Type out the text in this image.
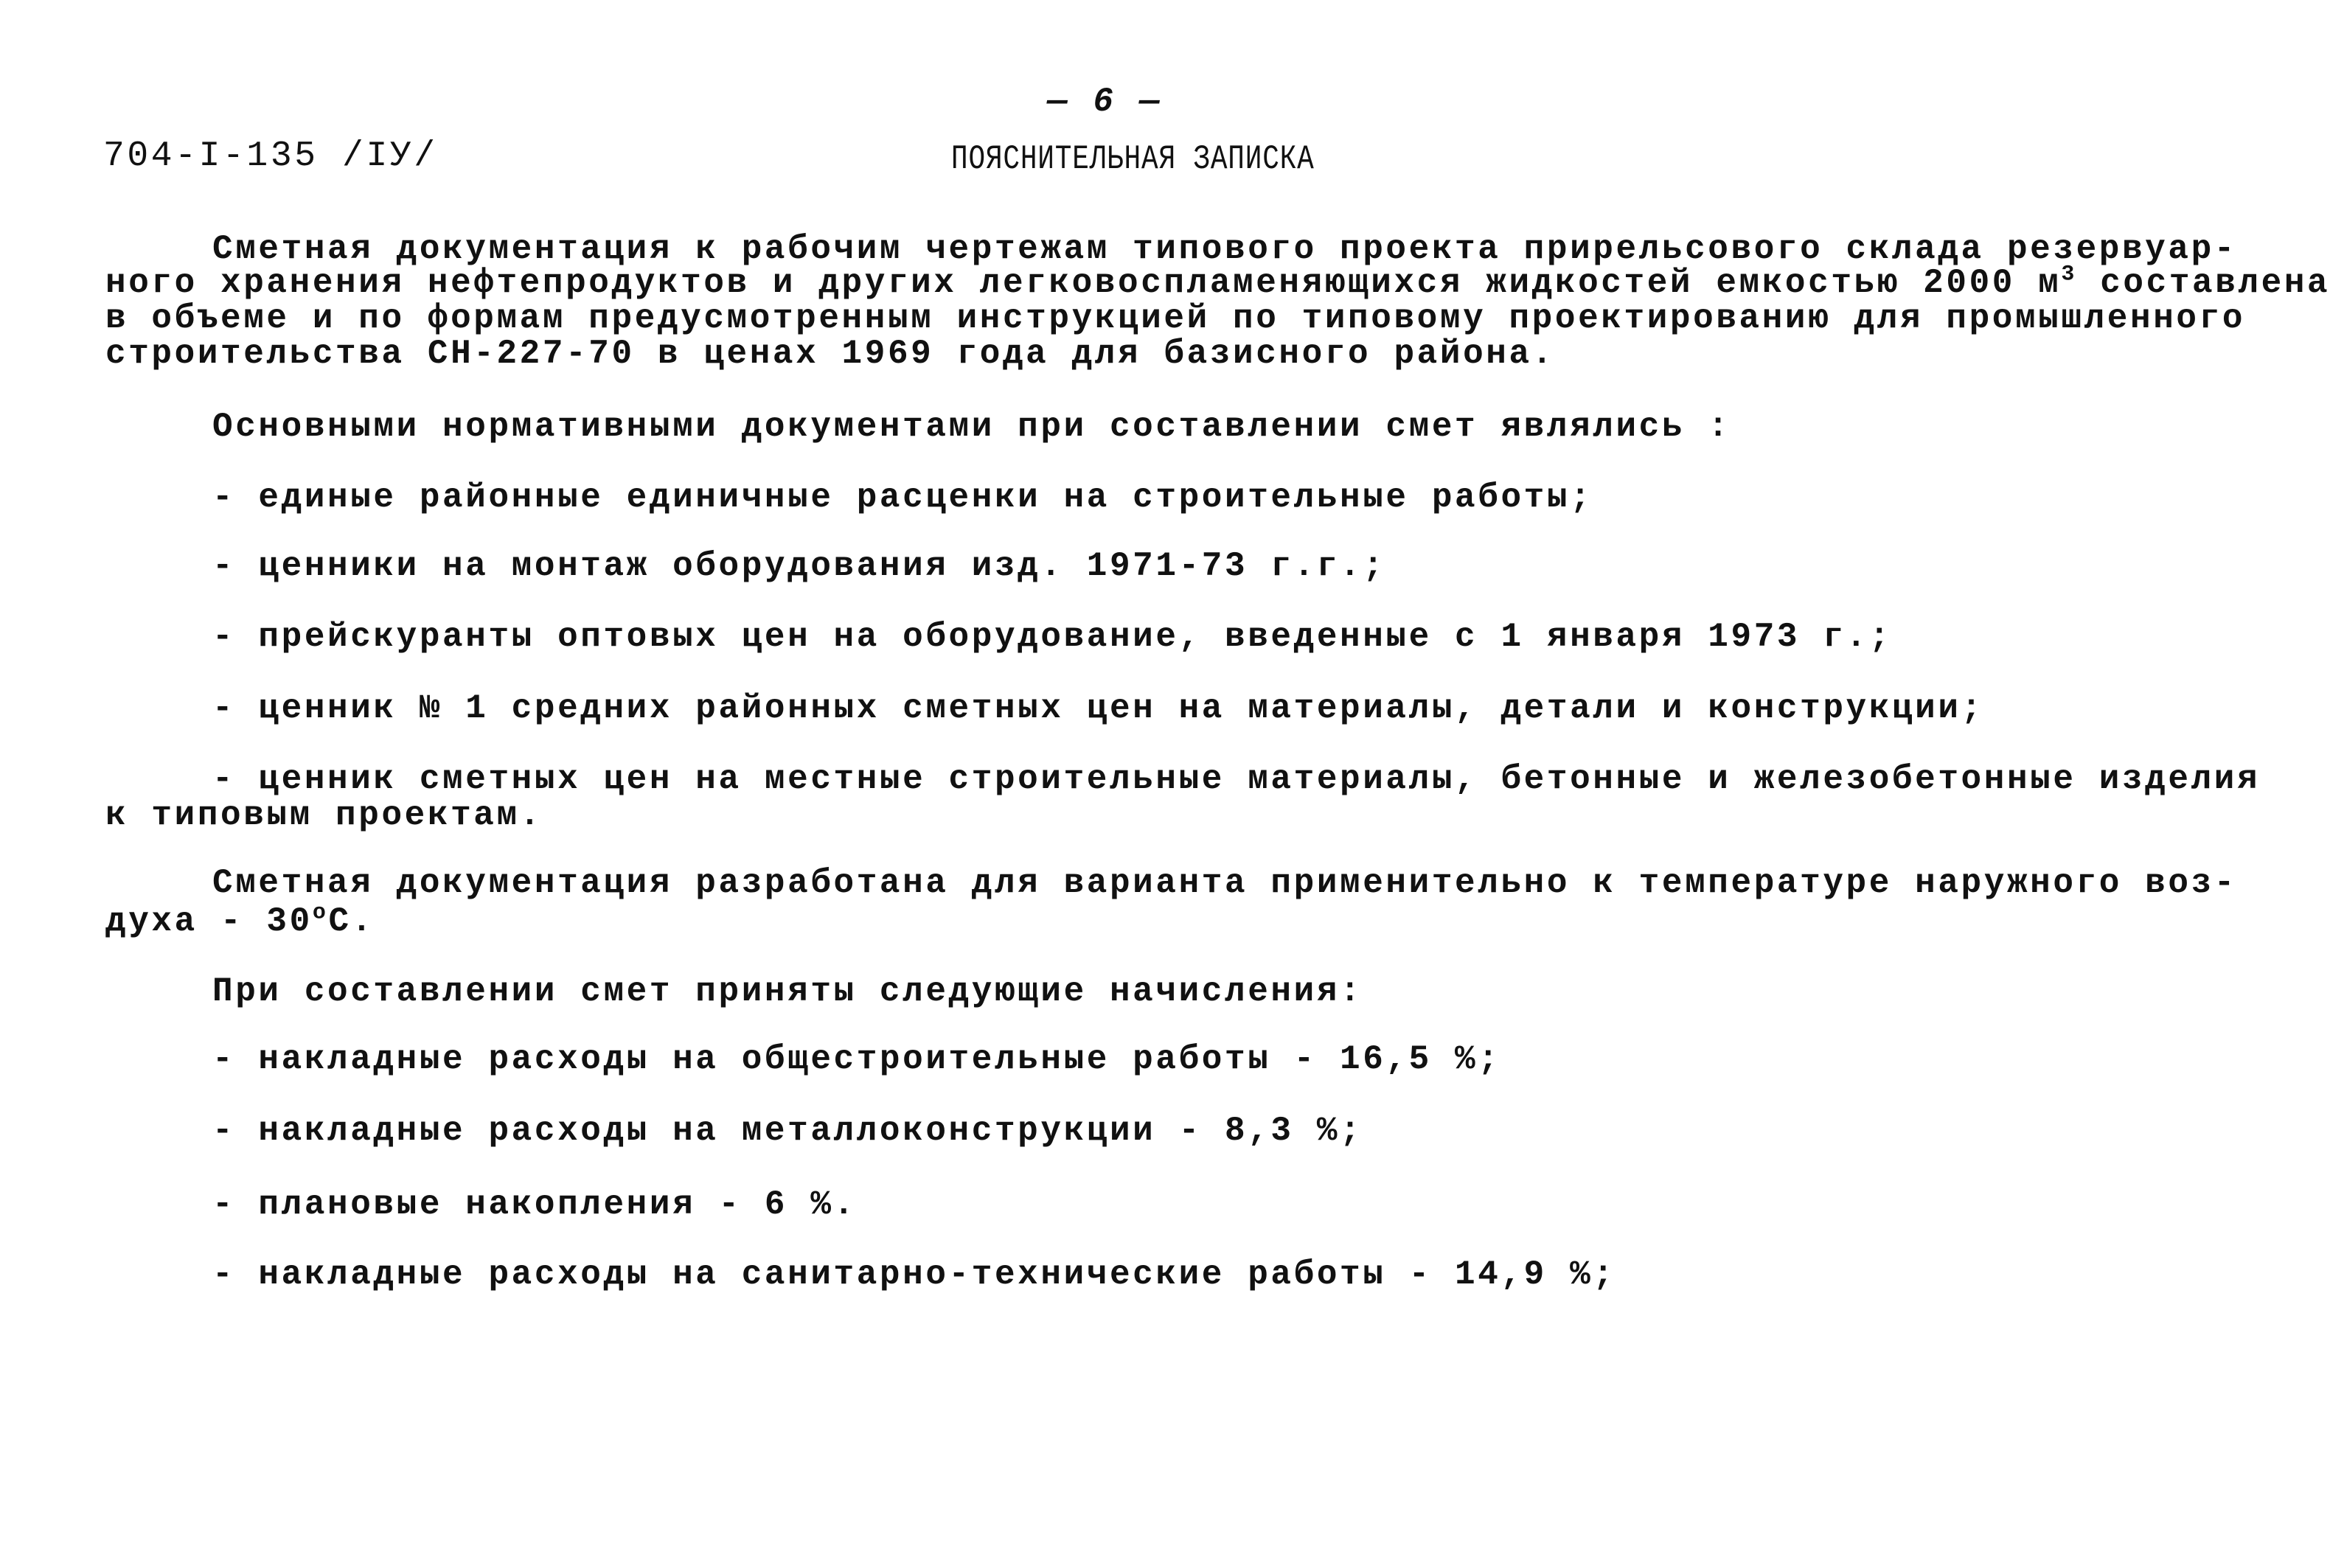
— 6 —
704-I-135 /IУ/	ПОЯСНИТЕЛЬНАЯ ЗАПИСКА
Сметная документация к рабочим чертежам типового проекта прирельсового склада резервуар-
ного хранения нефтепродуктов и других легковоспламеняющихся жидкостей емкостью 2000 $м^3$ составлена
в объеме и по формам предусмотренным инструкцией по типовому проектированию для промышленного
строительства СН-227-70 в ценах 1969 года для базисного района.
Основными нормативными документами при составлении смет являлись :
- единые районные единичные расценки на строительные работы;
- ценники на монтаж оборудования изд. 1971-73 г.г.;
- прейскуранты оптовых цен на оборудование, введенные с 1 января 1973 г.;
- ценник № 1 средних районных сметных цен на материалы, детали и конструкции;
- ценник сметных цен на местные строительные материалы, бетонные и железобетонные изделия
к типовым проектам.
Сметная документация разработана для варианта применительно к температуре наружного воз-
духа - $30^оС$.
При составлении смет приняты следующие начисления:
- накладные расходы на общестроительные работы - 16,5 %;
- накладные расходы на металлоконструкции - 8,3 %;
- плановые накопления - 6 %.
- накладные расходы на санитарно-технические работы - 14,9 %;
